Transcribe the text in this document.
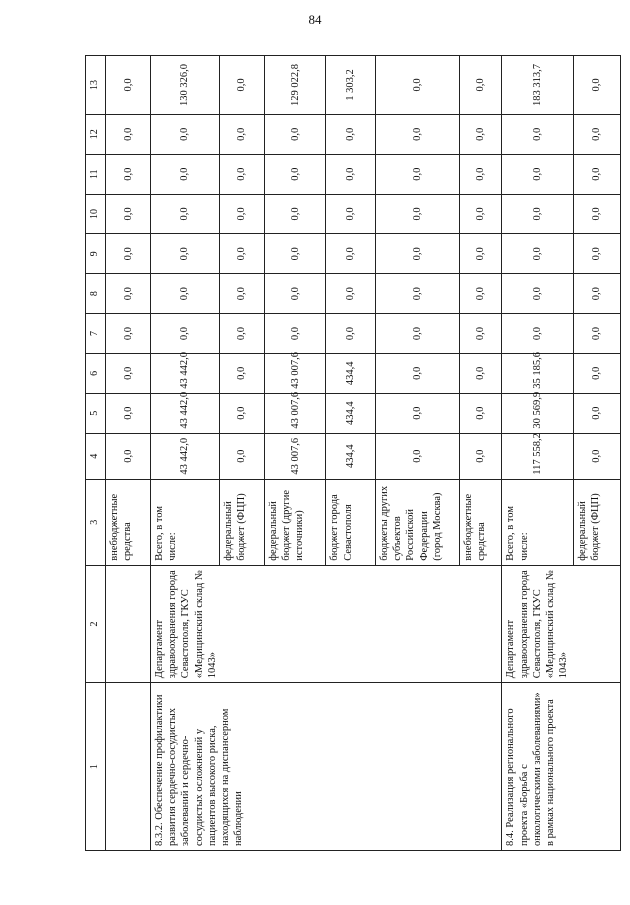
84
1	2	3	4	5	6	7	8	9	10	11	12	13
		внебюджетные средства	0,0	0,0	0,0	0,0	0,0	0,0	0,0	0,0	0,0	0,0
8.3.2. Обеспечение профилактики развития сердечно-сосудистых заболеваний и сердечно-сосудистых осложнений у пациентов высокого риска, находящихся на диспансерном наблюдении	Департамент здравоохранения города Севастополя, ГКУС «Медицинский склад № 1043»	Всего, в том числе:	43 442,0	43 442,0	43 442,0	0,0	0,0	0,0	0,0	0,0	0,0	130 326,0
		федеральный бюджет (ФЦП)	0,0	0,0	0,0	0,0	0,0	0,0	0,0	0,0	0,0	0,0
		федеральный бюджет (другие источники)	43 007,6	43 007,6	43 007,6	0,0	0,0	0,0	0,0	0,0	0,0	129 022,8
		бюджет города Севастополя	434,4	434,4	434,4	0,0	0,0	0,0	0,0	0,0	0,0	1 303,2
		бюджеты других субъектов Российской Федерации (город Москва)	0,0	0,0	0,0	0,0	0,0	0,0	0,0	0,0	0,0	0,0
		внебюджетные средства	0,0	0,0	0,0	0,0	0,0	0,0	0,0	0,0	0,0	0,0
8.4. Реализация регионального проекта «Борьба с онкологическими заболеваниями» в рамках национального проекта	Департамент здравоохранения города Севастополя, ГКУС «Медицинский склад № 1043»	Всего, в том числе:	117 558,2	30 569,9	35 185,6	0,0	0,0	0,0	0,0	0,0	0,0	183 313,7
		федеральный бюджет (ФЦП)	0,0	0,0	0,0	0,0	0,0	0,0	0,0	0,0	0,0	0,0
